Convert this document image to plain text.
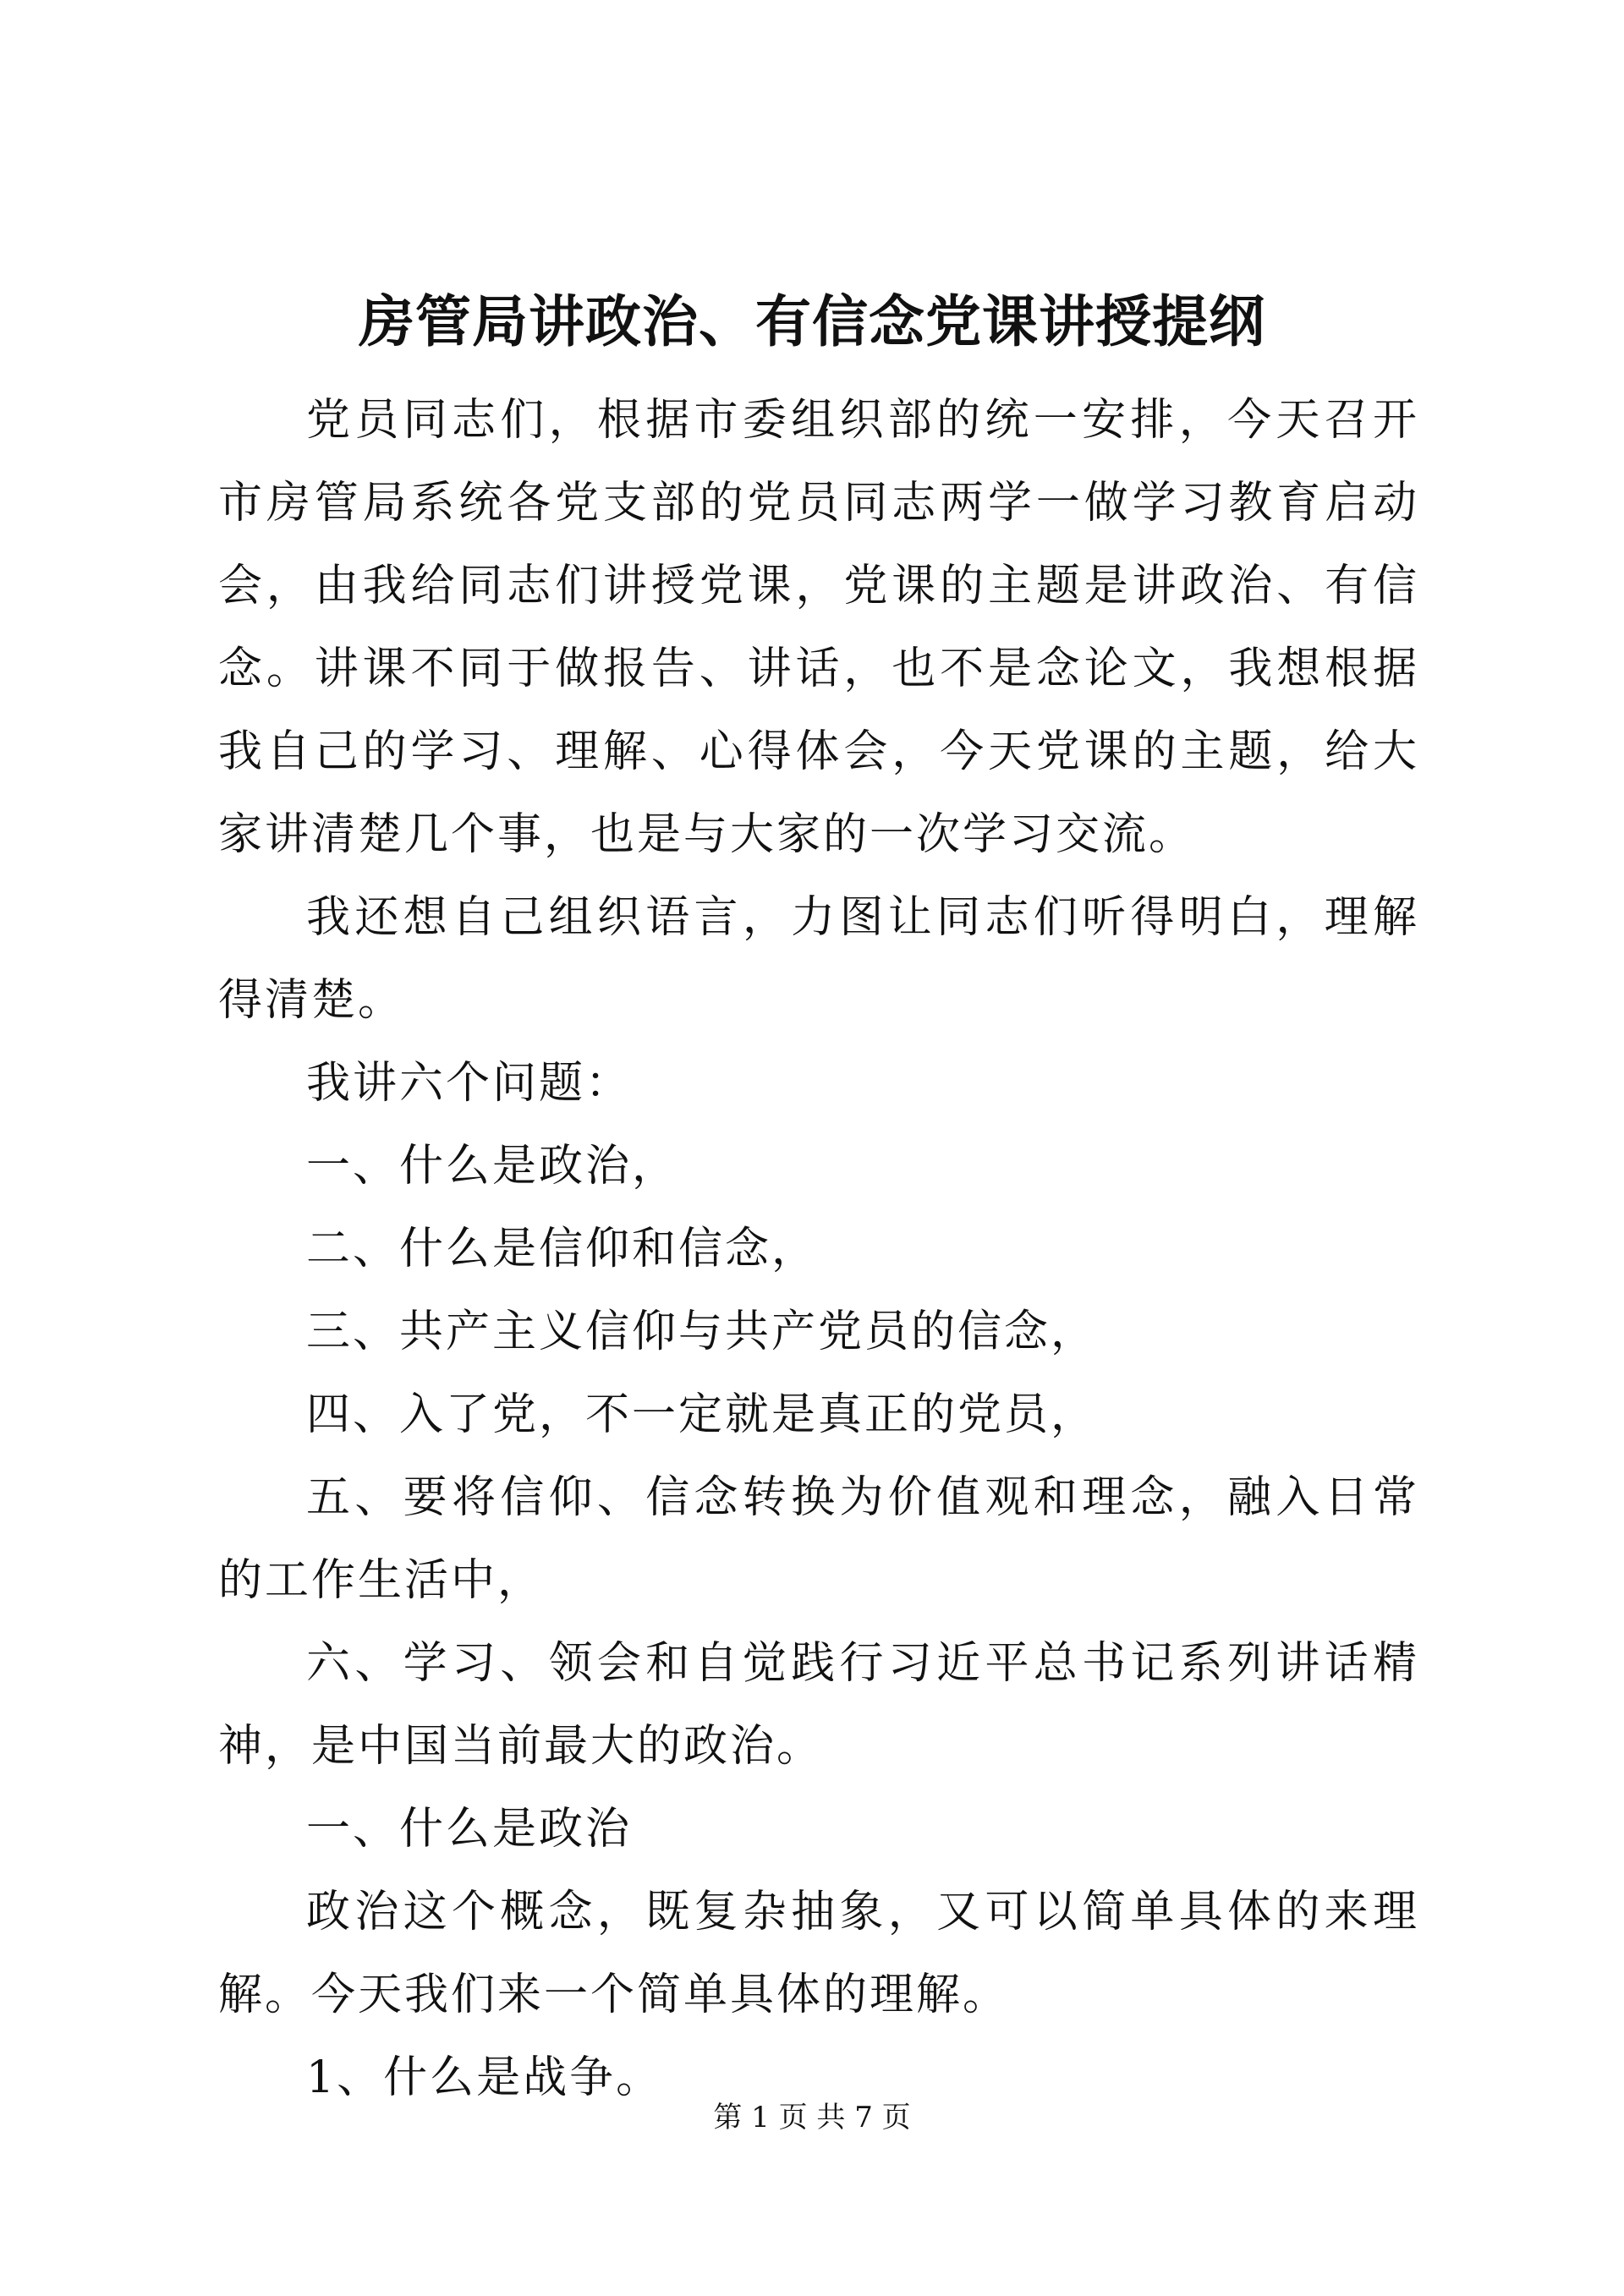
房管局讲政治、有信念党课讲授提纲

党员同志们，根据市委组织部的统一安排，今天召开市房管局系统各党支部的党员同志两学一做学习教育启动会，由我给同志们讲授党课，党课的主题是讲政治、有信念。讲课不同于做报告、讲话，也不是念论文，我想根据我自己的学习、理解、心得体会，今天党课的主题，给大家讲清楚几个事，也是与大家的一次学习交流。

我还想自己组织语言，力图让同志们听得明白，理解得清楚。

我讲六个问题：

一、什么是政治，

二、什么是信仰和信念，

三、共产主义信仰与共产党员的信念，

四、入了党，不一定就是真正的党员，

五、要将信仰、信念转换为价值观和理念，融入日常的工作生活中，

六、学习、领会和自觉践行习近平总书记系列讲话精神，是中国当前最大的政治。

一、什么是政治

政治这个概念，既复杂抽象，又可以简单具体的来理解。今天我们来一个简单具体的理解。

1、什么是战争。

第 1 页 共 7 页
